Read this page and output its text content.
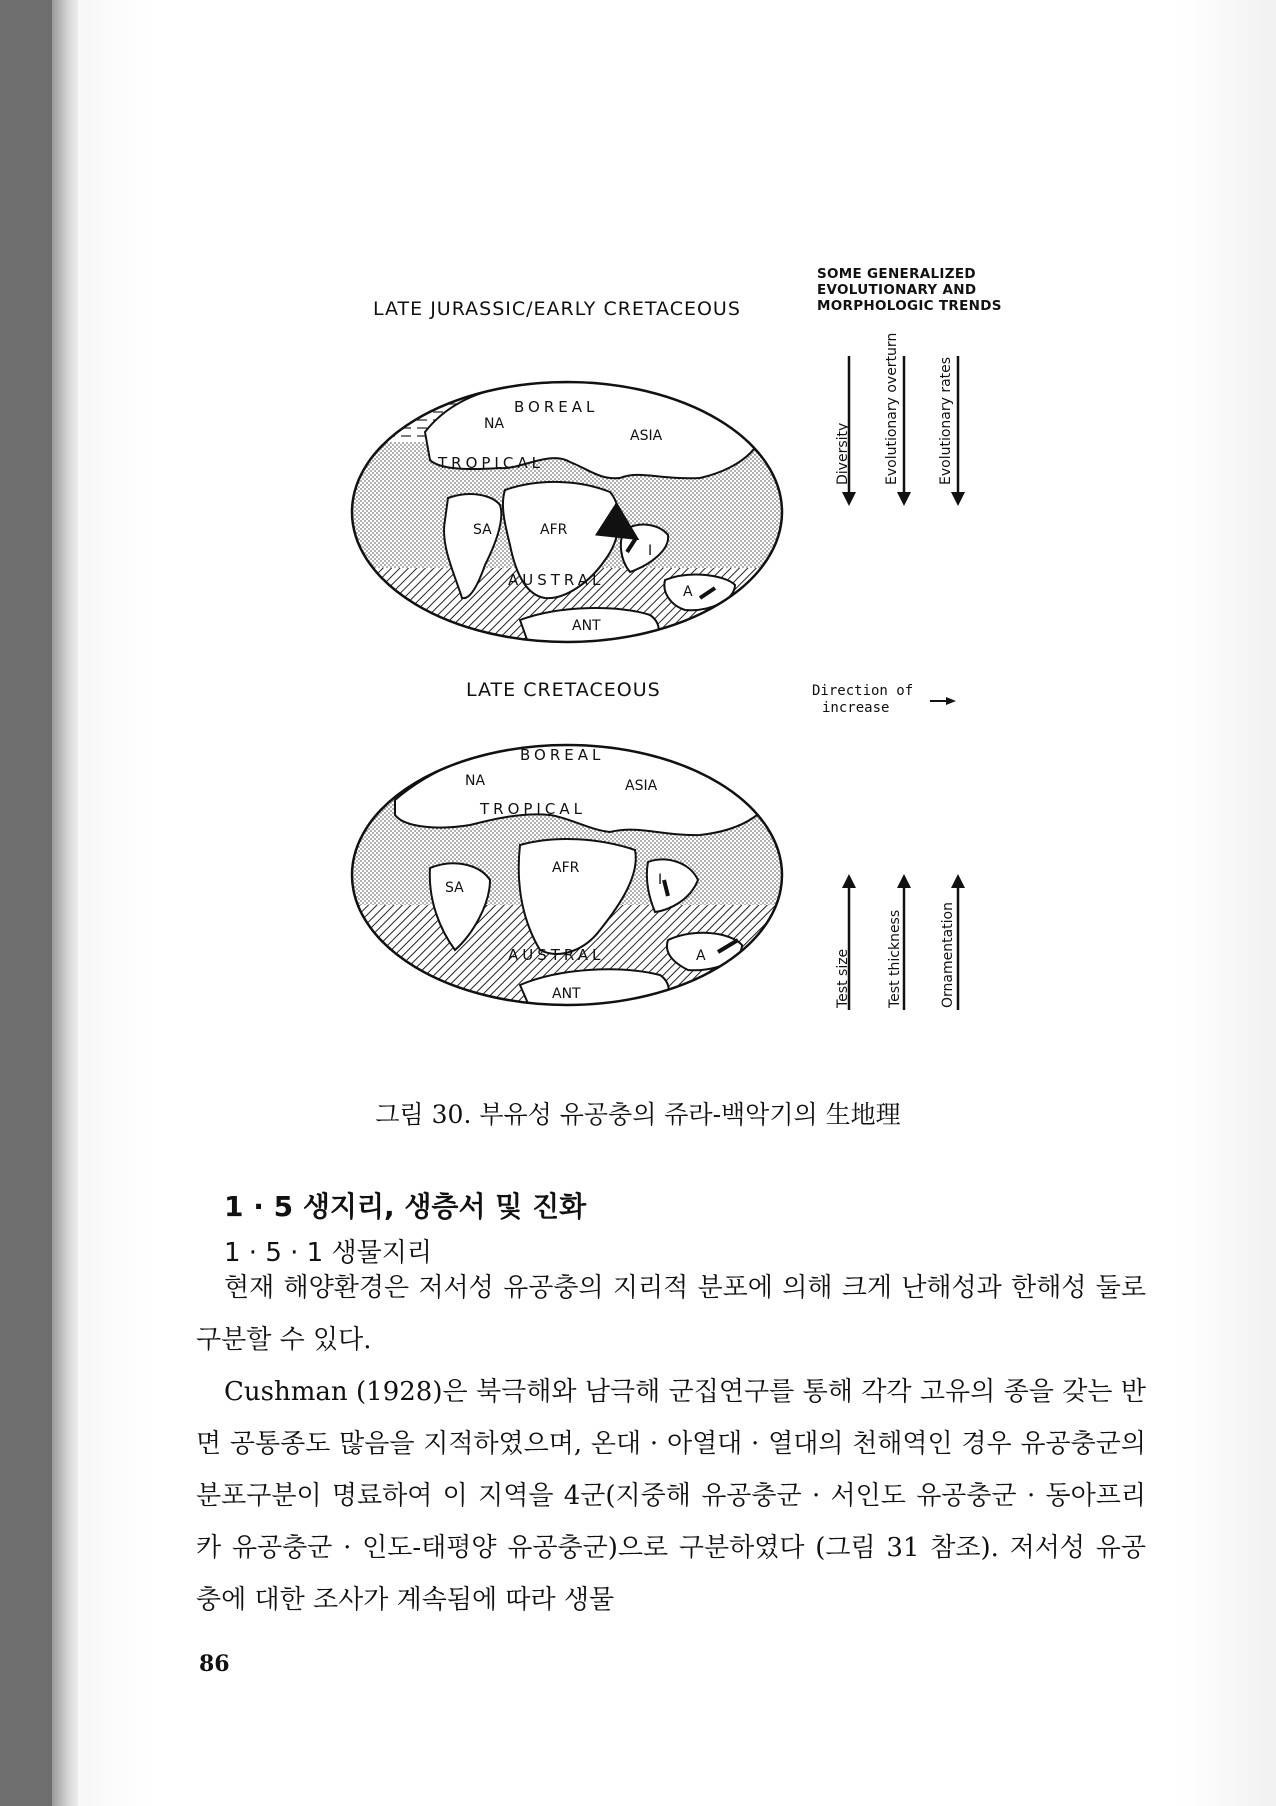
LATE JURASSIC/EARLY CRETACEOUS
LATE CRETACEOUS
SOME GENERALIZED
EVOLUTIONARY AND
MORPHOLOGIC TRENDS
BOREAL
TROPICAL
AUSTRAL
NA
ASIA
SA	AFR
ANT
I
A
BOREAL
TROPICAL
AUSTRAL
NA	ASIA
SA
AFR
ANT
I
A
Diversity
Test size	Test thickness	Ornamentation
Evolutionary overturn	Evolutionary rates
Direction of
increase
그림 30. 부유성 유공충의 쥬라-백악기의 生地理
1 · 5 생지리, 생층서 및 진화
1 · 5 · 1 생물지리

현재 해양환경은 저서성 유공충의 지리적 분포에 의해 크게 난해성과 한해성 둘로 구분할 수 있다.

Cushman (1928)은 북극해와 남극해 군집연구를 통해 각각 고유의 종을 갖는 반면 공통종도 많음을 지적하였으며, 온대 · 아열대 · 열대의 천해역인 경우 유공충군의 분포구분이 명료하여 이 지역을 4군(지중해 유공충군 · 서인도 유공충군 · 동아프리카 유공충군 · 인도-태평양 유공충군)으로 구분하였다 (그림 31 참조). 저서성 유공충에 대한 조사가 계속됨에 따라 생물

86
